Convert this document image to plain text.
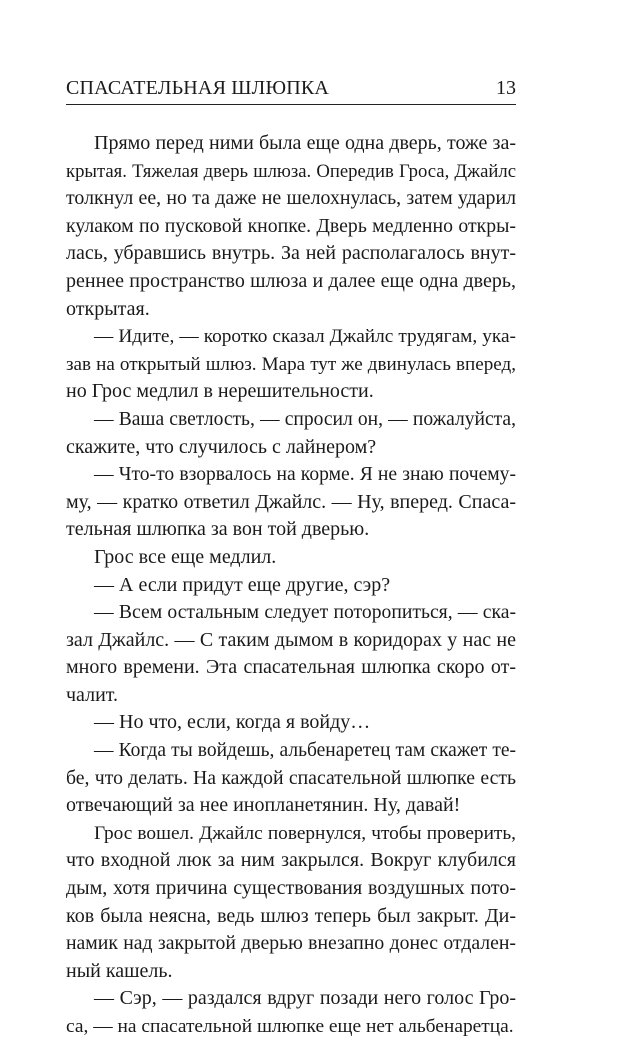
СПАСАТЕЛЬНАЯ ШЛЮПКА	13
Прямо перед ними была еще одна дверь, тоже за-
крытая. Тяжелая дверь шлюза. Опередив Гроса, Джайлс
толкнул ее, но та даже не шелохнулась, затем ударил
кулаком по пусковой кнопке. Дверь медленно откры-
лась, убравшись внутрь. За ней располагалось внут-
реннее пространство шлюза и далее еще одна дверь,
открытая.
— Идите, — коротко сказал Джайлс трудягам, ука-
зав на открытый шлюз. Мара тут же двинулась вперед,
но Грос медлил в нерешительности.
— Ваша светлость, — спросил он, — пожалуйста,
скажите, что случилось с лайнером?
— Что-то взорвалось на корме. Я не знаю почему-
му, — кратко ответил Джайлс. — Ну, вперед. Спаса-
тельная шлюпка за вон той дверью.
Грос все еще медлил.
— А если придут еще другие, сэр?
— Всем остальным следует поторопиться, — ска-
зал Джайлс. — С таким дымом в коридорах у нас не
много времени. Эта спасательная шлюпка скоро от-
чалит.
— Но что, если, когда я войду…
— Когда ты войдешь, альбенаретец там скажет те-
бе, что делать. На каждой спасательной шлюпке есть
отвечающий за нее инопланетянин. Ну, давай!
Грос вошел. Джайлс повернулся, чтобы проверить,
что входной люк за ним закрылся. Вокруг клубился
дым, хотя причина существования воздушных пото-
ков была неясна, ведь шлюз теперь был закрыт. Ди-
намик над закрытой дверью внезапно донес отдален-
ный кашель.
— Сэр, — раздался вдруг позади него голос Гро-
са, — на спасательной шлюпке еще нет альбенаретца.
